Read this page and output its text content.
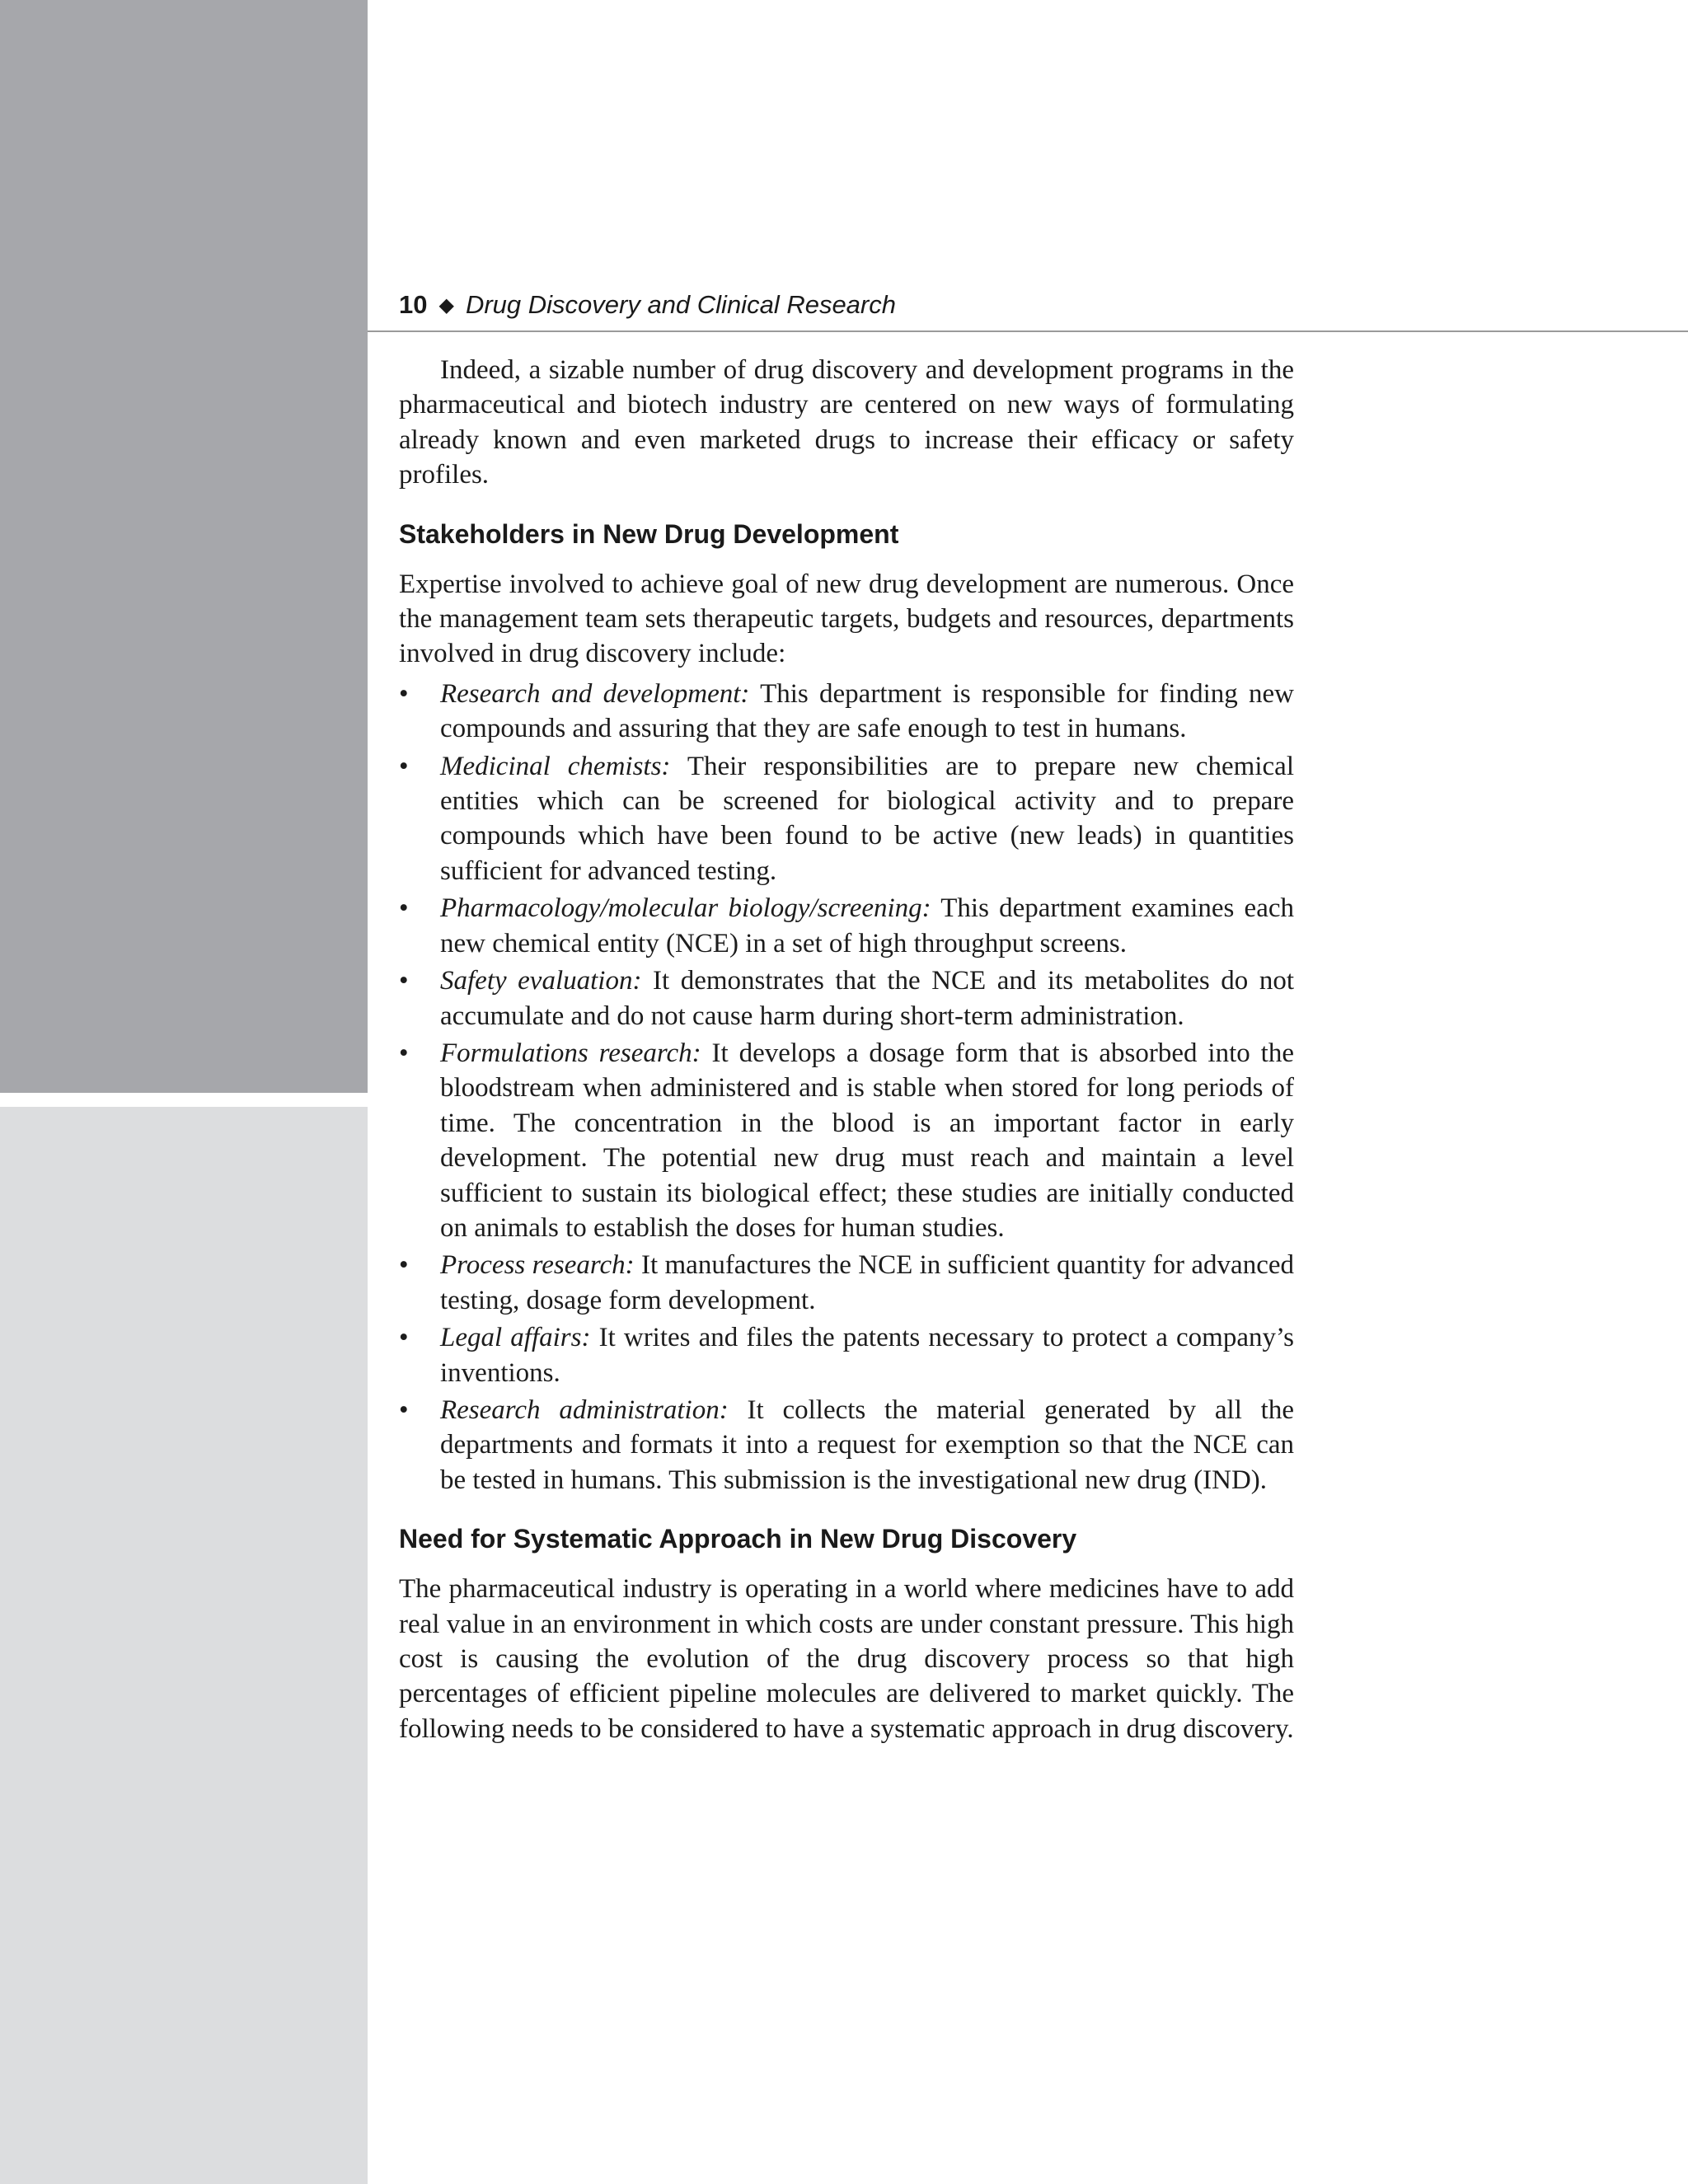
10 ◆ Drug Discovery and Clinical Research

Indeed, a sizable number of drug discovery and development programs in the pharmaceutical and biotech industry are centered on new ways of formulating already known and even marketed drugs to increase their efficacy or safety profiles.

Stakeholders in New Drug Development

Expertise involved to achieve goal of new drug development are numerous. Once the management team sets therapeutic targets, budgets and resources, departments involved in drug discovery include:

• Research and development: This department is responsible for finding new compounds and assuring that they are safe enough to test in humans.
• Medicinal chemists: Their responsibilities are to prepare new chemical entities which can be screened for biological activity and to prepare compounds which have been found to be active (new leads) in quantities sufficient for advanced testing.
• Pharmacology/molecular biology/screening: This department examines each new chemical entity (NCE) in a set of high throughput screens.
• Safety evaluation: It demonstrates that the NCE and its metabolites do not accumulate and do not cause harm during short-term administration.
• Formulations research: It develops a dosage form that is absorbed into the bloodstream when administered and is stable when stored for long periods of time. The concentration in the blood is an important factor in early development. The potential new drug must reach and maintain a level sufficient to sustain its biological effect; these studies are initially conducted on animals to establish the doses for human studies.
• Process research: It manufactures the NCE in sufficient quantity for advanced testing, dosage form development.
• Legal affairs: It writes and files the patents necessary to protect a company’s inventions.
• Research administration: It collects the material generated by all the departments and formats it into a request for exemption so that the NCE can be tested in humans. This submission is the investigational new drug (IND).
Need for Systematic Approach in New Drug Discovery

The pharmaceutical industry is operating in a world where medicines have to add real value in an environment in which costs are under constant pressure. This high cost is causing the evolution of the drug discovery process so that high percentages of efficient pipeline molecules are delivered to market quickly. The following needs to be considered to have a systematic approach in drug discovery.
